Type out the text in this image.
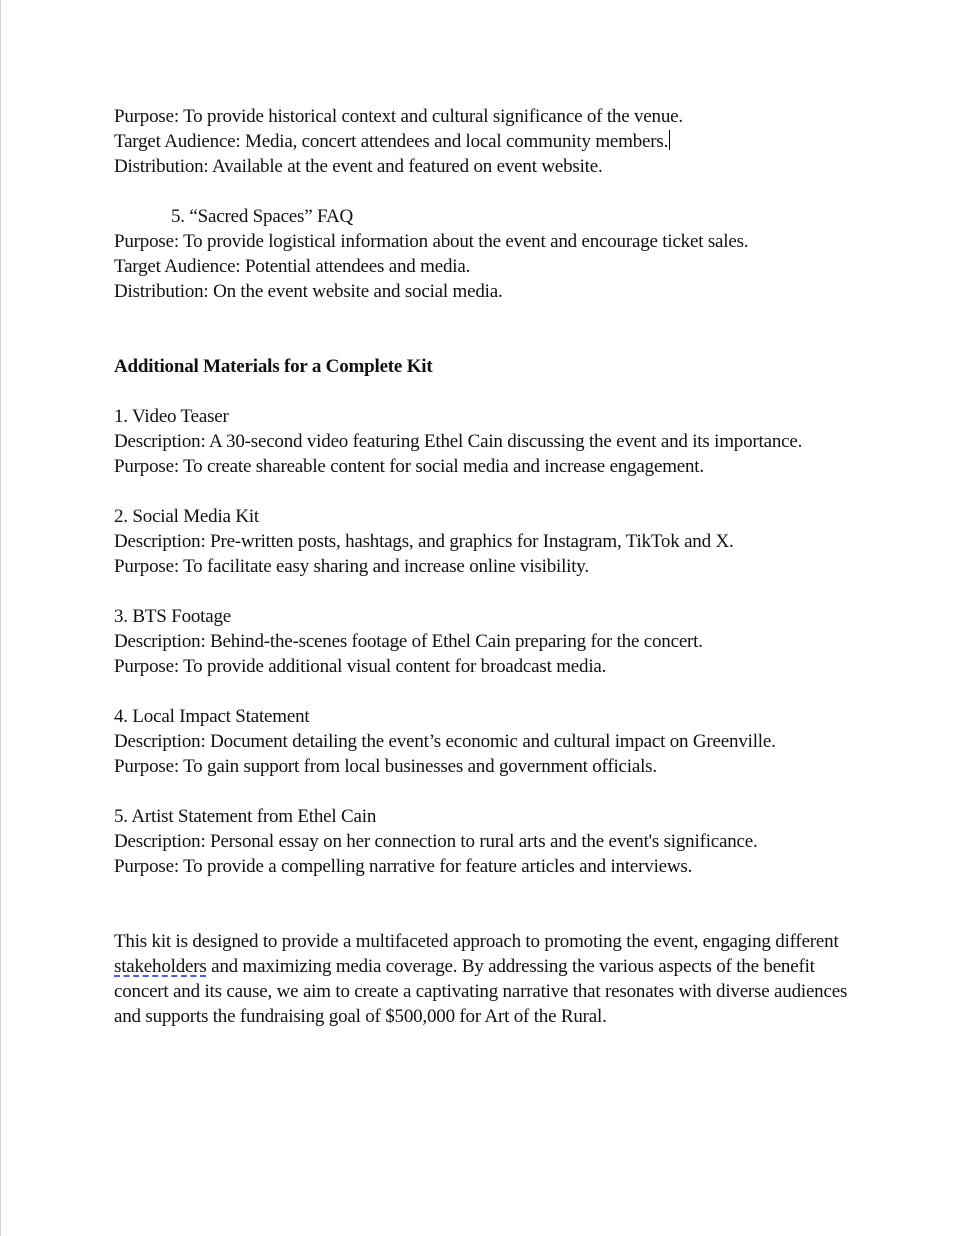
Purpose: To provide historical context and cultural significance of the venue.
Target Audience: Media, concert attendees and local community members.
Distribution: Available at the event and featured on event website.
5. “Sacred Spaces” FAQ
Purpose: To provide logistical information about the event and encourage ticket sales.
Target Audience: Potential attendees and media.
Distribution: On the event website and social media.
Additional Materials for a Complete Kit
1. Video Teaser
Description: A 30-second video featuring Ethel Cain discussing the event and its importance.
Purpose: To create shareable content for social media and increase engagement.
2. Social Media Kit
Description: Pre-written posts, hashtags, and graphics for Instagram, TikTok and X.
Purpose: To facilitate easy sharing and increase online visibility.
3. BTS Footage
Description: Behind-the-scenes footage of Ethel Cain preparing for the concert.
Purpose: To provide additional visual content for broadcast media.
4. Local Impact Statement
Description: Document detailing the event’s economic and cultural impact on Greenville.
Purpose: To gain support from local businesses and government officials.
5. Artist Statement from Ethel Cain
Description: Personal essay on her connection to rural arts and the event's significance.
Purpose: To provide a compelling narrative for feature articles and interviews.

This kit is designed to provide a multifaceted approach to promoting the event, engaging different stakeholders and maximizing media coverage. By addressing the various aspects of the benefit concert and its cause, we aim to create a captivating narrative that resonates with diverse audiences and supports the fundraising goal of $500,000 for Art of the Rural.
